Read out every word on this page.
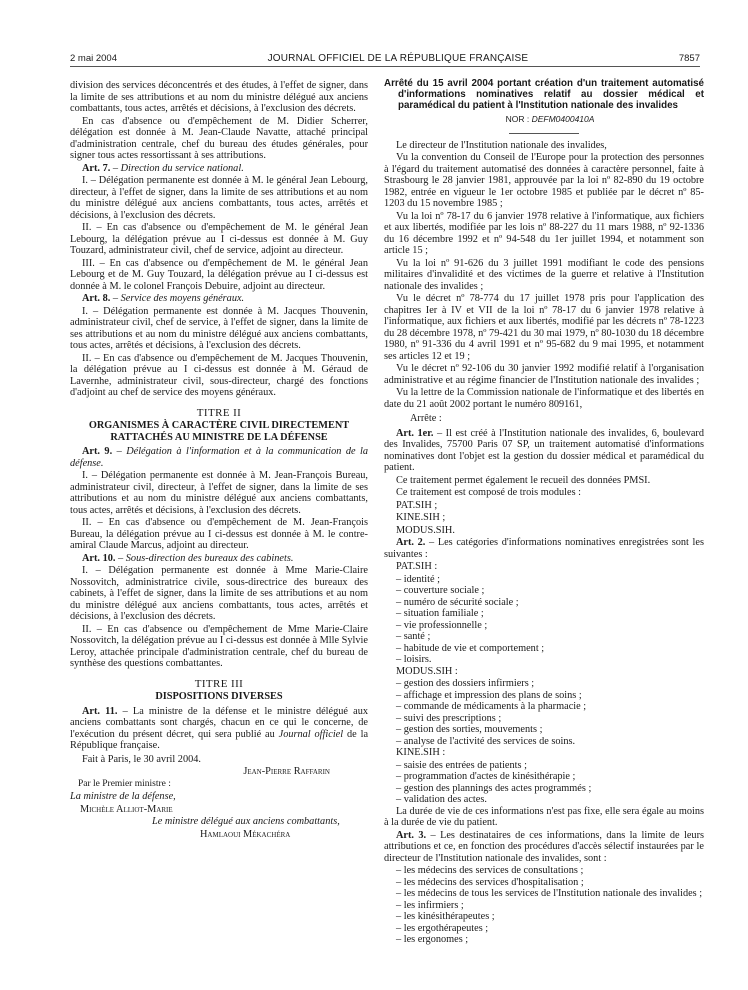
2 mai 2004	JOURNAL OFFICIEL DE LA RÉPUBLIQUE FRANÇAISE	7857

division des services déconcentrés et des études, à l'effet de signer, dans la limite de ses attributions et au nom du ministre délégué aux anciens combattants, tous actes, arrêtés et décisions, à l'exclusion des décrets.

En cas d'absence ou d'empêchement de M. Didier Scherrer, délégation est donnée à M. Jean-Claude Navatte, attaché principal d'administration centrale, chef du bureau des études générales, pour signer tous actes ressortissant à ses attributions.

Art. 7. – Direction du service national.

I. – Délégation permanente est donnée à M. le général Jean Lebourg, directeur, à l'effet de signer, dans la limite de ses attributions et au nom du ministre délégué aux anciens combattants, tous actes, arrêtés et décisions, à l'exclusion des décrets.

II. – En cas d'absence ou d'empêchement de M. le général Jean Lebourg, la délégation prévue au I ci-dessus est donnée à M. Guy Touzard, administrateur civil, chef de service, adjoint au directeur.

III. – En cas d'absence ou d'empêchement de M. le général Jean Lebourg et de M. Guy Touzard, la délégation prévue au I ci-dessus est donnée à M. le colonel François Debuire, adjoint au directeur.

Art. 8. – Service des moyens généraux.

I. – Délégation permanente est donnée à M. Jacques Thouvenin, administrateur civil, chef de service, à l'effet de signer, dans la limite de ses attributions et au nom du ministre délégué aux anciens combattants, tous actes, arrêtés et décisions, à l'exclusion des décrets.

II. – En cas d'absence ou d'empêchement de M. Jacques Thouvenin, la délégation prévue au I ci-dessus est donnée à M. Géraud de Lavernhe, administrateur civil, sous-directeur, chargé des fonctions d'adjoint au chef de service des moyens généraux.

TITRE II

ORGANISMES À CARACTÈRE CIVIL DIRECTEMENT RATTACHÉS AU MINISTRE DE LA DÉFENSE

Art. 9. – Délégation à l'information et à la communication de la défense.

I. – Délégation permanente est donnée à M. Jean-François Bureau, administrateur civil, directeur, à l'effet de signer, dans la limite de ses attributions et au nom du ministre délégué aux anciens combattants, tous actes, arrêtés et décisions, à l'exclusion des décrets.

II. – En cas d'absence ou d'empêchement de M. Jean-François Bureau, la délégation prévue au I ci-dessus est donnée à M. le contre-amiral Claude Marcus, adjoint au directeur.

Art. 10. – Sous-direction des bureaux des cabinets.

I. – Délégation permanente est donnée à Mme Marie-Claire Nossovitch, administratrice civile, sous-directrice des bureaux des cabinets, à l'effet de signer, dans la limite de ses attributions et au nom du ministre délégué aux anciens combattants, tous actes, arrêtés et décisions, à l'exclusion des décrets.

II. – En cas d'absence ou d'empêchement de Mme Marie-Claire Nossovitch, la délégation prévue au I ci-dessus est donnée à Mlle Sylvie Leroy, attachée principale d'administration centrale, chef du bureau de synthèse des questions combattantes.

TITRE III

DISPOSITIONS DIVERSES

Art. 11. – La ministre de la défense et le ministre délégué aux anciens combattants sont chargés, chacun en ce qui le concerne, de l'exécution du présent décret, qui sera publié au Journal officiel de la République française.

Fait à Paris, le 30 avril 2004.

Jean-Pierre Raffarin

Par le Premier ministre :

La ministre de la défense,

Michèle Alliot-Marie

Le ministre délégué aux anciens combattants,

Hamlaoui Mékachéra

Arrêté du 15 avril 2004 portant création d'un traitement automatisé d'informations nominatives relatif au dossier médical et paramédical du patient à l'Institution nationale des invalides

NOR : DEFM0400410A

Le directeur de l'Institution nationale des invalides,

Vu la convention du Conseil de l'Europe pour la protection des personnes à l'égard du traitement automatisé des données à caractère personnel, faite à Strasbourg le 28 janvier 1981, approuvée par la loi nº 82-890 du 19 octobre 1982, entrée en vigueur le 1er octobre 1985 et publiée par le décret nº 85-1203 du 15 novembre 1985 ;

Vu la loi nº 78-17 du 6 janvier 1978 relative à l'informatique, aux fichiers et aux libertés, modifiée par les lois nº 88-227 du 11 mars 1988, nº 92-1336 du 16 décembre 1992 et nº 94-548 du 1er juillet 1994, et notamment son article 15 ;

Vu la loi nº 91-626 du 3 juillet 1991 modifiant le code des pensions militaires d'invalidité et des victimes de la guerre et relative à l'Institution nationale des invalides ;

Vu le décret nº 78-774 du 17 juillet 1978 pris pour l'application des chapitres Ier à IV et VII de la loi nº 78-17 du 6 janvier 1978 relative à l'informatique, aux fichiers et aux libertés, modifié par les décrets nº 78-1223 du 28 décembre 1978, nº 79-421 du 30 mai 1979, nº 80-1030 du 18 décembre 1980, nº 91-336 du 4 avril 1991 et nº 95-682 du 9 mai 1995, et notamment ses articles 12 et 19 ;

Vu le décret nº 92-106 du 30 janvier 1992 modifié relatif à l'organisation administrative et au régime financier de l'Institution nationale des invalides ;

Vu la lettre de la Commission nationale de l'informatique et des libertés en date du 21 août 2002 portant le numéro 809161,

Arrête :

Art. 1er. – Il est créé à l'Institution nationale des invalides, 6, boulevard des Invalides, 75700 Paris 07 SP, un traitement automatisé d'informations nominatives dont l'objet est la gestion du dossier médical et paramédical du patient.

Ce traitement permet également le recueil des données PMSI.

Ce traitement est composé de trois modules :

PAT.SIH ;

KINE.SIH ;

MODUS.SIH.

Art. 2. – Les catégories d'informations nominatives enregistrées sont les suivantes :

PAT.SIH :

– identité ;
– couverture sociale ;
– numéro de sécurité sociale ;
– situation familiale ;
– vie professionnelle ;
– santé ;
– habitude de vie et comportement ;
– loisirs.

MODUS.SIH :

– gestion des dossiers infirmiers ;
– affichage et impression des plans de soins ;
– commande de médicaments à la pharmacie ;
– suivi des prescriptions ;
– gestion des sorties, mouvements ;
– analyse de l'activité des services de soins.

KINE.SIH :

– saisie des entrées de patients ;
– programmation d'actes de kinésithérapie ;
– gestion des plannings des actes programmés ;
– validation des actes.

La durée de vie de ces informations n'est pas fixe, elle sera égale au moins à la durée de vie du patient.

Art. 3. – Les destinataires de ces informations, dans la limite de leurs attributions et ce, en fonction des procédures d'accès sélectif instaurées par le directeur de l'Institution nationale des invalides, sont :

– les médecins des services de consultations ;
– les médecins des services d'hospitalisation ;
– les médecins de tous les services de l'Institution nationale des invalides ;
– les infirmiers ;
– les kinésithérapeutes ;
– les ergothérapeutes ;
– les ergonomes ;
